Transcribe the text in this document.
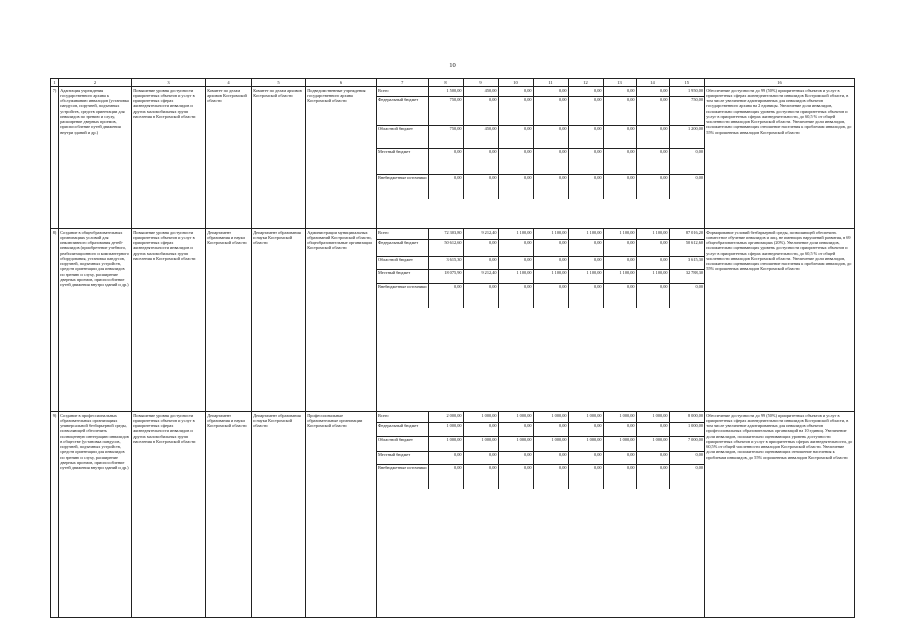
10
1	2	3	4	5	6		7	8	9	10	11	12	13	14	15
		16
7)	Адаптация учреждения государственного архива к обслуживанию инвалидов (установка пандусов, поручней, подъемных устройств, средств ориентации для инвалидов по зрению и слуху, расширение дверных проемов, приспособление путей движения внутри зданий и др.)	Повышение уровня доступности приоритетных объектов и услуг в приоритетных сферах жизнедеятельности инвалидов и других маломобильных групп населения в Костромской области	Комитет по делам архивов Костромской области	Комитет по делам архивов Костромской области	Подведомственные учреждения государственного архива Костромской области	
Всего	1 500,00	450,00	0,00	0,00	0,00	0,00	0,00	1 950,00
Федеральный бюджет	750,00	0,00	0,00	0,00	0,00	0,00	0,00	750,00
Областной бюджет	750,00	450,00	0,00	0,00	0,00	0,00	0,00	1 200,00
Местный бюджет	0,00	0,00	0,00	0,00	0,00	0,00	0,00	0,00
Внебюджетные источники	0,00	0,00	0,00	0,00	0,00	0,00	0,00	0,00
	Обеспечение доступности до 99 (50%) приоритетных объектов и услуг в приоритетных сферах жизнедеятельности инвалидов Костромской области, в том числе увеличение адаптированных для инвалидов объектов государственного архива на 2 единицы. Увеличение доли инвалидов, положительно оценивающих уровень доступности приоритетных объектов и услуг в приоритетных сферах жизнедеятельности, до 60,5 % от общей численности инвалидов Костромской области. Увеличение доли инвалидов, положительно оценивающих отношение населения к проблемам инвалидов, до 55% опрошенных инвалидов Костромской области
8)	Создание в общеобразовательных организациях условий для инклюзивного образования детей-инвалидов (приобретение учебного, реабилитационного и компьютерного оборудования, установка пандусов, поручней, подъемных устройств, средств ориентации для инвалидов по зрению и слуху, расширение дверных проемов, приспособление путей движения внутри зданий и др.)	Повышение уровня доступности приоритетных объектов и услуг в приоритетных сферах жизнедеятельности инвалидов и других маломобильных групп населения в Костромской области	Департамент образования и науки Костромской области	Департамент образования и науки Костромской области	Администрации муниципальных образований Костромской области, общеобразовательные организации Костромской области	
Всего	72 303,80	9 212,40	1 100,00	1 100,00	1 100,00	1 100,00	1 100,00	87 016,20
Федеральный бюджет	50 612,60	0,00	0,00	0,00	0,00	0,00	0,00	50 612,60
Областной бюджет	3 615,30	0,00	0,00	0,00	0,00	0,00	0,00	3 615,30
Местный бюджет	18 075,90	9 212,40	1 100,00	1 100,00	1 100,00	1 100,00	1 100,00	32 788,30
Внебюджетные источники	0,00	0,00	0,00	0,00	0,00	0,00	0,00	0,00
	Формирование условий безбарьерной среды, позволяющей обеспечить совместное обучение инвалидов и лиц, не имеющих нарушений развития, в 69 общеобразовательных организациях (20%). Увеличение доли инвалидов, положительно оценивающих уровень доступности приоритетных объектов и услуг в приоритетных сферах жизнедеятельности, до 60,5 % от общей численности инвалидов Костромской области. Увеличение доли инвалидов, положительно оценивающих отношение населения к проблемам инвалидов, до 55% опрошенных инвалидов Костромской области
9)	Создание в профессиональных образовательных организациях универсальной безбарьерной среды, позволяющей обеспечить полноценную интеграцию инвалидов в обществе (установка пандусов, поручней, подъемных устройств, средств ориентации для инвалидов по зрению и слуху, расширение дверных проемов, приспособление путей движения внутри зданий и др.)	Повышение уровня доступности приоритетных объектов и услуг в приоритетных сферах жизнедеятельности инвалидов и других маломобильных групп населения в Костромской области	Департамент образования и науки Костромской области	Департамент образования и науки Костромской области	Профессиональные образовательные организации Костромской области	
Всего	2 000,00	1 000,00	1 000,00	1 000,00	1 000,00	1 000,00	1 000,00	8 000,00
Федеральный бюджет	1 000,00	0,00	0,00	0,00	0,00	0,00	0,00	1 000,00
Областной бюджет	1 000,00	1 000,00	1 000,00	1 000,00	1 000,00	1 000,00	1 000,00	7 000,00
Местный бюджет	0,00	0,00	0,00	0,00	0,00	0,00	0,00	0,00
Внебюджетные источники	0,00	0,00	0,00	0,00	0,00	0,00	0,00	0,00
	Обеспечение доступности до 99 (50%) приоритетных объектов и услуг в приоритетных сферах жизнедеятельности инвалидов Костромской области, в том числе увеличение адаптированных для инвалидов объектов профессиональных образовательных организаций на 10 единиц. Увеличение доли инвалидов, положительно оценивающих уровень доступности приоритетных объектов и услуг в приоритетных сферах жизнедеятельности, до 60,5% от общей численности инвалидов Костромской области. Увеличение доли инвалидов, положительно оценивающих отношение населения к проблемам инвалидов, до 55% опрошенных инвалидов Костромской области
